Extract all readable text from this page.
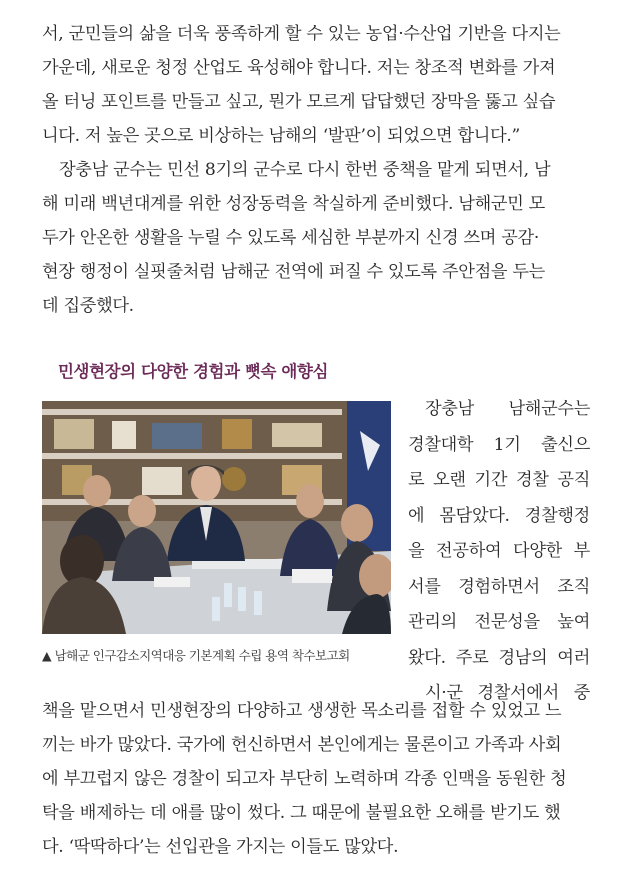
서, 군민들의 삶을 더욱 풍족하게 할 수 있는 농업·수산업 기반을 다지는
가운데, 새로운 청정 산업도 육성해야 합니다. 저는 창조적 변화를 가져
올 터닝 포인트를 만들고 싶고, 뭔가 모르게 답답했던 장막을 뚫고 싶습
니다. 저 높은 곳으로 비상하는 남해의 ‘발판’이 되었으면 합니다.”
장충남 군수는 민선 8기의 군수로 다시 한번 중책을 맡게 되면서, 남
해 미래 백년대계를 위한 성장동력을 착실하게 준비했다. 남해군민 모
두가 안온한 생활을 누릴 수 있도록 세심한 부분까지 신경 쓰며 공감·
현장 행정이 실핏줄처럼 남해군 전역에 퍼질 수 있도록 주안점을 두는
데 집중했다.
민생현장의 다양한 경험과 뼛속 애향심
▲ 남해군 인구감소지역대응 기본계획 수립 용역 착수보고회
장충남 남해군수는
경찰대학 1기 출신으
로 오랜 기간 경찰 공직
에 몸담았다. 경찰행정
을 전공하여 다양한 부
서를 경험하면서 조직
관리의 전문성을 높여
왔다. 주로 경남의 여러
시·군 경찰서에서 중
책을 맡으면서 민생현장의 다양하고 생생한 목소리를 접할 수 있었고 느
끼는 바가 많았다. 국가에 헌신하면서 본인에게는 물론이고 가족과 사회
에 부끄럽지 않은 경찰이 되고자 부단히 노력하며 각종 인맥을 동원한 청
탁을 배제하는 데 애를 많이 썼다. 그 때문에 불필요한 오해를 받기도 했
다. ‘딱딱하다’는 선입관을 가지는 이들도 많았다.
